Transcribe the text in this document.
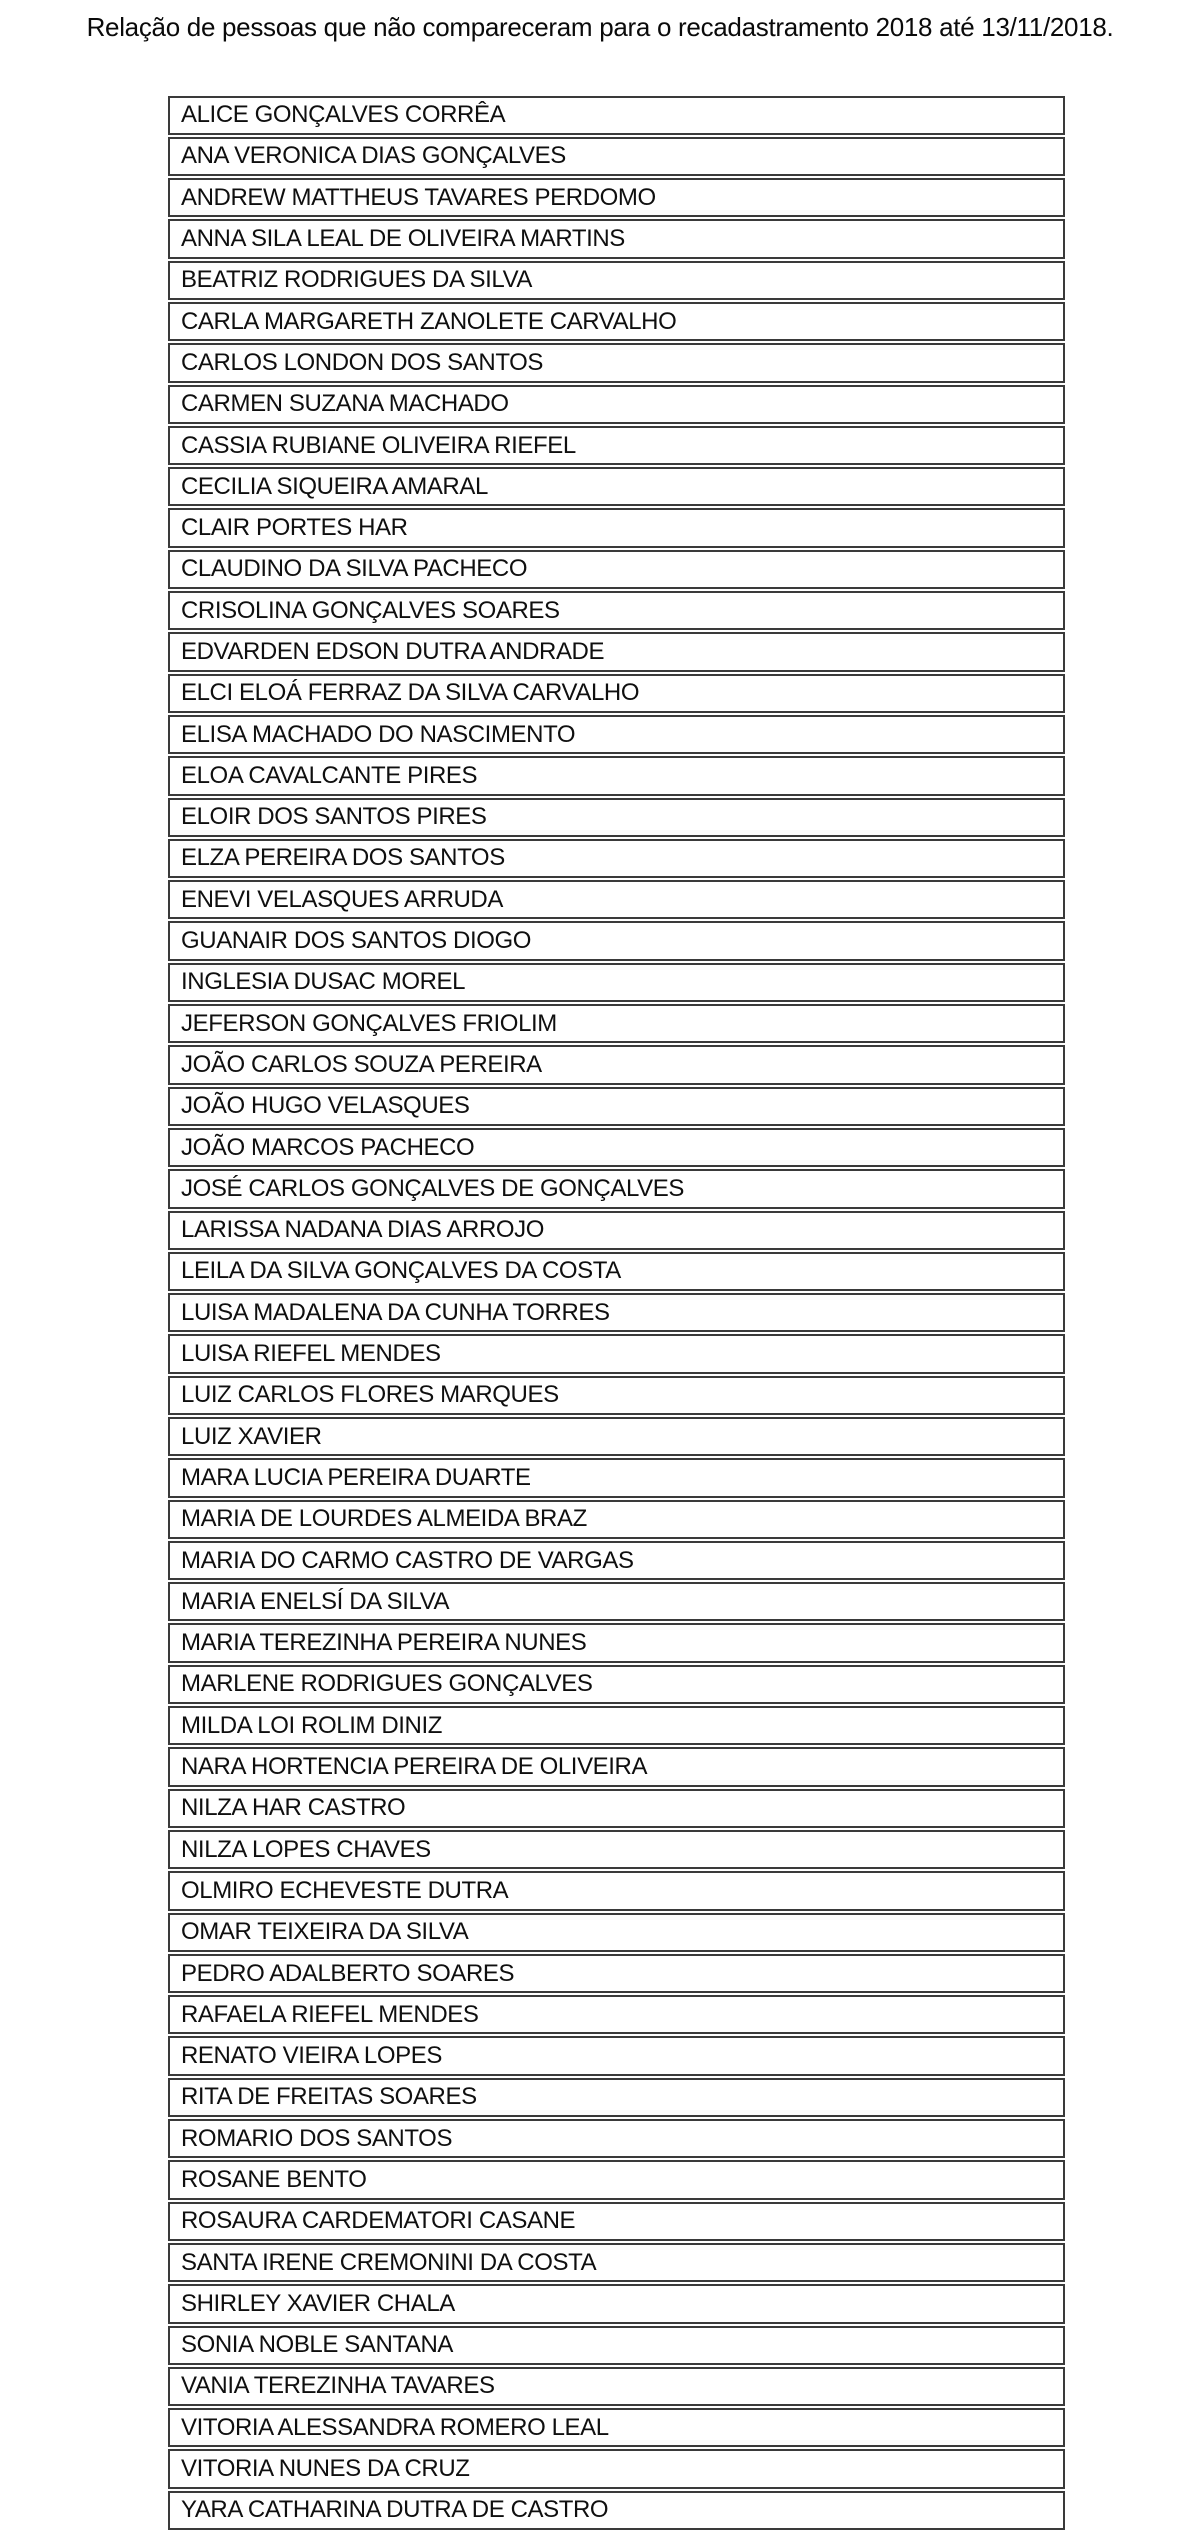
Relação de pessoas que não compareceram para o recadastramento 2018 até 13/11/2018.
ALICE GONÇALVES CORRÊA
ANA VERONICA DIAS GONÇALVES
ANDREW MATTHEUS TAVARES PERDOMO
ANNA SILA LEAL DE OLIVEIRA MARTINS
BEATRIZ RODRIGUES DA SILVA
CARLA MARGARETH ZANOLETE CARVALHO
CARLOS LONDON DOS SANTOS
CARMEN SUZANA MACHADO
CASSIA RUBIANE OLIVEIRA RIEFEL
CECILIA SIQUEIRA AMARAL
CLAIR PORTES HAR
CLAUDINO DA SILVA PACHECO
CRISOLINA GONÇALVES SOARES
EDVARDEN EDSON DUTRA ANDRADE
ELCI ELOÁ FERRAZ DA SILVA CARVALHO
ELISA MACHADO DO NASCIMENTO
ELOA CAVALCANTE PIRES
ELOIR DOS SANTOS PIRES
ELZA PEREIRA DOS SANTOS
ENEVI VELASQUES ARRUDA
GUANAIR DOS SANTOS DIOGO
INGLESIA DUSAC MOREL
JEFERSON GONÇALVES FRIOLIM
JOÃO CARLOS SOUZA PEREIRA
JOÃO HUGO VELASQUES
JOÃO MARCOS PACHECO
JOSÉ CARLOS GONÇALVES DE GONÇALVES
LARISSA NADANA DIAS ARROJO
LEILA DA SILVA GONÇALVES DA COSTA
LUISA MADALENA DA CUNHA TORRES
LUISA RIEFEL MENDES
LUIZ CARLOS FLORES MARQUES
LUIZ XAVIER
MARA LUCIA PEREIRA DUARTE
MARIA DE LOURDES ALMEIDA BRAZ
MARIA DO CARMO CASTRO DE VARGAS
MARIA ENELSÍ DA SILVA
MARIA TEREZINHA PEREIRA NUNES
MARLENE RODRIGUES GONÇALVES
MILDA LOI ROLIM DINIZ
NARA HORTENCIA PEREIRA DE OLIVEIRA
NILZA HAR CASTRO
NILZA LOPES CHAVES
OLMIRO ECHEVESTE DUTRA
OMAR TEIXEIRA DA SILVA
PEDRO ADALBERTO SOARES
RAFAELA RIEFEL MENDES
RENATO VIEIRA LOPES
RITA DE FREITAS SOARES
ROMARIO DOS SANTOS
ROSANE BENTO
ROSAURA CARDEMATORI CASANE
SANTA IRENE CREMONINI DA COSTA
SHIRLEY XAVIER CHALA
SONIA NOBLE SANTANA
VANIA TEREZINHA TAVARES
VITORIA ALESSANDRA ROMERO LEAL
VITORIA NUNES DA CRUZ
YARA CATHARINA DUTRA DE CASTRO
